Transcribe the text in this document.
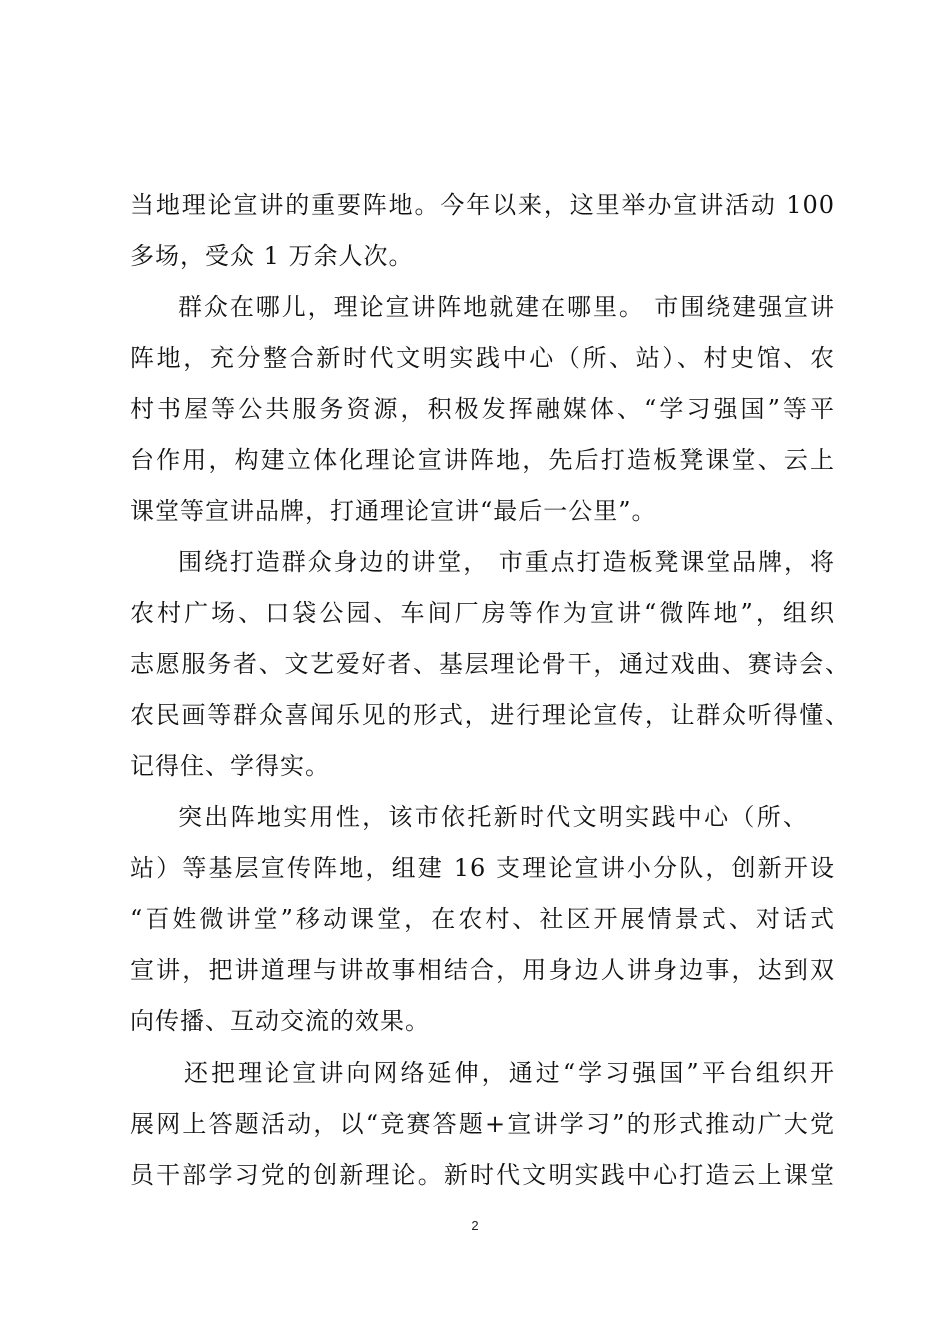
当地理论宣讲的重要阵地。今年以来，这里举办宣讲活动 100
多场，受众 1 万余人次。
群众在哪儿，理论宣讲阵地就建在哪里。 市围绕建强宣讲
阵地，充分整合新时代文明实践中心（所、站）、村史馆、农
村书屋等公共服务资源，积极发挥融媒体、“学习强国”等平
台作用，构建立体化理论宣讲阵地，先后打造板凳课堂、云上
课堂等宣讲品牌，打通理论宣讲“最后一公里”。
围绕打造群众身边的讲堂， 市重点打造板凳课堂品牌，将
农村广场、口袋公园、车间厂房等作为宣讲“微阵地”，组织
志愿服务者、文艺爱好者、基层理论骨干，通过戏曲、赛诗会、
农民画等群众喜闻乐见的形式，进行理论宣传，让群众听得懂、
记得住、学得实。
突出阵地实用性，该市依托新时代文明实践中心（所、
站）等基层宣传阵地，组建 16 支理论宣讲小分队，创新开设
“百姓微讲堂”移动课堂，在农村、社区开展情景式、对话式
宣讲，把讲道理与讲故事相结合，用身边人讲身边事，达到双
向传播、互动交流的效果。
还把理论宣讲向网络延伸，通过“学习强国”平台组织开
展网上答题活动，以“竞赛答题+宣讲学习”的形式推动广大党
员干部学习党的创新理论。新时代文明实践中心打造云上课堂
2
